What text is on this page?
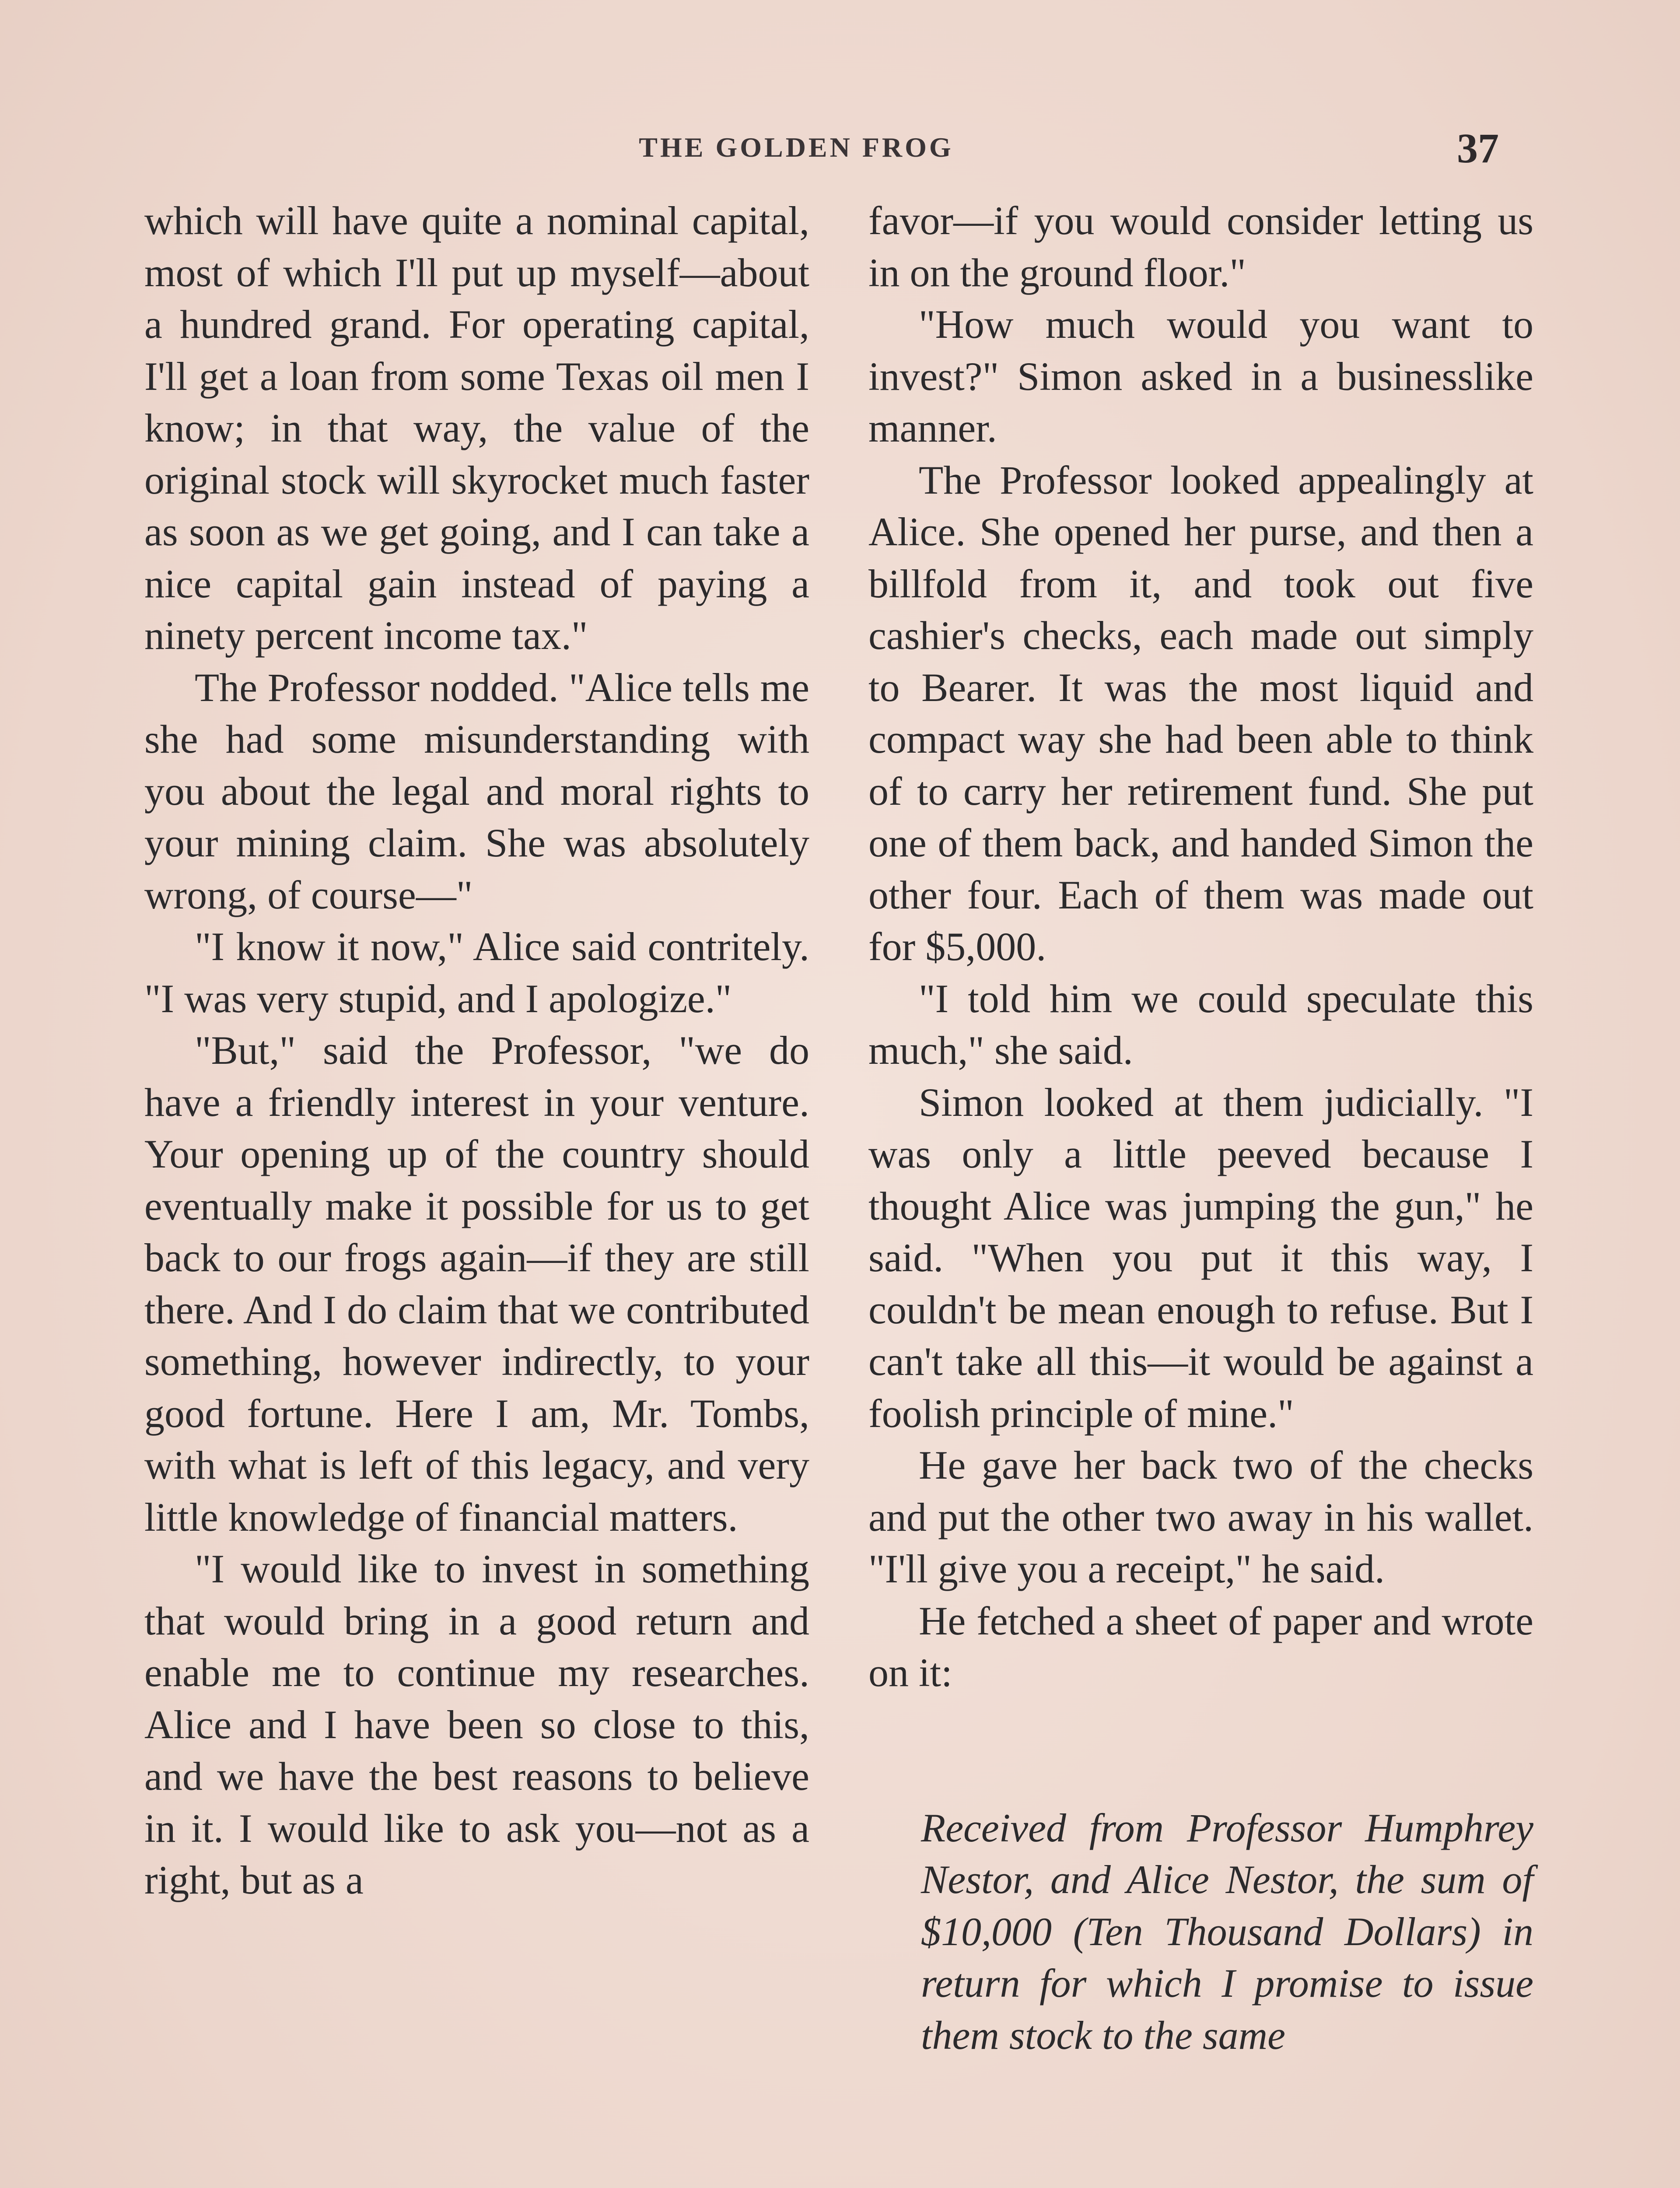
THE GOLDEN FROG	37

which will have quite a nominal capital, most of which I'll put up myself—about a hundred grand. For operating capital, I'll get a loan from some Texas oil men I know; in that way, the value of the original stock will skyrocket much faster as soon as we get going, and I can take a nice capital gain instead of paying a ninety percent income tax."

The Professor nodded. "Alice tells me she had some misunderstanding with you about the legal and moral rights to your mining claim. She was absolutely wrong, of course—"

"I know it now," Alice said contritely. "I was very stupid, and I apologize."

"But," said the Professor, "we do have a friendly interest in your venture. Your opening up of the country should eventually make it possible for us to get back to our frogs again—if they are still there. And I do claim that we contributed something, however indirectly, to your good fortune. Here I am, Mr. Tombs, with what is left of this legacy, and very little knowledge of financial matters.

"I would like to invest in something that would bring in a good return and enable me to continue my researches. Alice and I have been so close to this, and we have the best reasons to believe in it. I would like to ask you—not as a right, but as a

favor—if you would consider letting us in on the ground floor."

"How much would you want to invest?" Simon asked in a businesslike manner.

The Professor looked appealingly at Alice. She opened her purse, and then a billfold from it, and took out five cashier's checks, each made out simply to Bearer. It was the most liquid and compact way she had been able to think of to carry her retirement fund. She put one of them back, and handed Simon the other four. Each of them was made out for $5,000.

"I told him we could speculate this much," she said.

Simon looked at them judicially. "I was only a little peeved because I thought Alice was jumping the gun," he said. "When you put it this way, I couldn't be mean enough to refuse. But I can't take all this—it would be against a foolish principle of mine."

He gave her back two of the checks and put the other two away in his wallet. "I'll give you a receipt," he said.

He fetched a sheet of paper and wrote on it:

Received from Professor Humphrey Nestor, and Alice Nestor, the sum of $10,000 (Ten Thousand Dollars) in return for which I promise to issue them stock to the same
